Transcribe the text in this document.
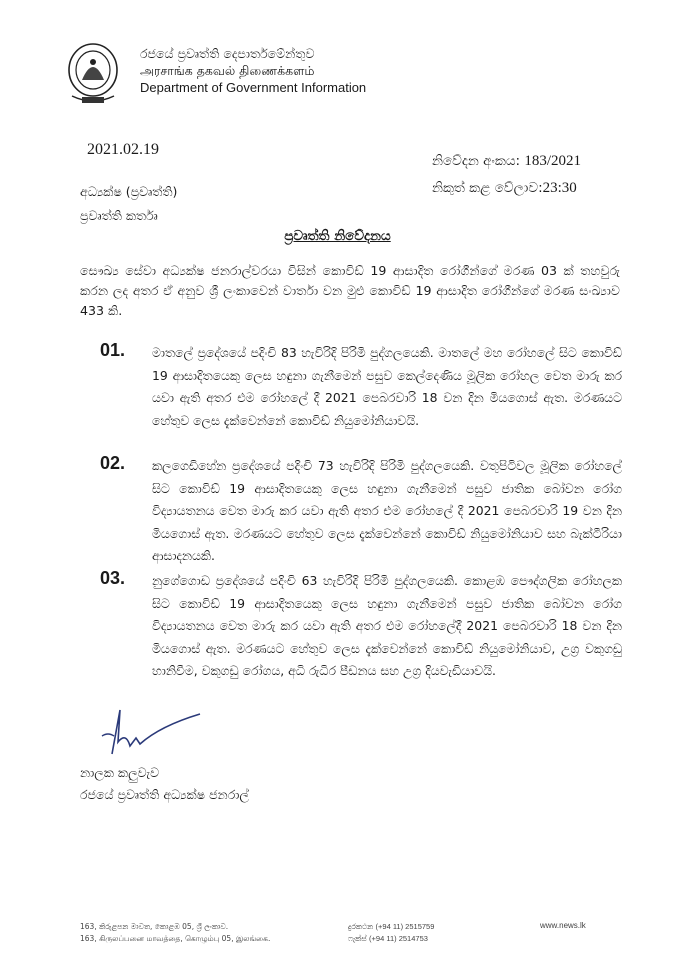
රජයේ ප්‍රවෘත්ති දෙපාර්තමේන්තුව
அரசாங்க தகவல் திணைக்களம்
Department of Government Information
2021.02.19
නිවේදන අංකය: 183/2021
නිකුත් කළ වේලාව:23:30
අධ්‍යක්ෂ (ප්‍රවෘත්ති)
ප්‍රවෘත්ති කර්තෘ
ප්‍රවෘත්ති නිවේදනය
සෞඛ්‍ය සේවා අධ්‍යක්ෂ ජනරාල්වරයා විසින් කොවිඩ් 19 ආසාදිත රෝගීන්ගේ මරණ 03 ක් තහවුරු කරන ලද අතර ඒ අනුව ශ්‍රී ලංකාවෙන් වාර්තා වන මුළු කොවිඩ් 19 ආසාදිත රෝගීන්ගේ මරණ සංඛ්‍යාව 433 කි.
01. මාතලේ ප්‍රදේශයේ පදිංචි 83 හැවිරිදි පිරිමි පුද්ගලයෙකි. මාතලේ මහ රෝහලේ සිට කොවිඩ් 19 ආසාදිතයෙකු ලෙස හඳුනා ගැනීමෙන් පසුව කෙල්දෙණිය මූලික රෝහල වෙත මාරු කර යවා ඇති අතර එම රෝහලේ දී 2021 පෙබරවාරි 18 වන දින මියගොස් ඇත. මරණයට හේතුව ලෙස දැක්වෙන්නේ කොවිඩ් නියුමෝනියාවයි.
02. කලගෙඩිහේන ප්‍රදේශයේ පදිංචි 73 හැවිරිදි පිරිමි පුද්ගලයෙකි. වතුපිටිවල මූලික රෝහලේ සිට කොවිඩ් 19 ආසාදිතයෙකු ලෙස හඳුනා ගැනීමෙන් පසුව ජාතික බෝවන රෝග විද්‍යායතනය වෙත මාරු කර යවා ඇති අතර එම රෝහලේ දී 2021 පෙබරවාරි 19 වන දින මියගොස් ඇත. මරණයට හේතුව ලෙස දැක්වෙන්නේ කොවිඩ් නියුමෝනියාව සහ බැක්ටීරියා ආසාදනයකි.
03. නුගේගොඩ ප්‍රදේශයේ පදිංචි 63 හැවිරිදි පිරිමි පුද්ගලයෙකි. කොළඹ පෞද්ගලික රෝහලක සිට කොවිඩ් 19 ආසාදිතයෙකු ලෙස හඳුනා ගැනීමෙන් පසුව ජාතික බෝවන රෝග විද්‍යායතනය වෙත මාරු කර යවා ඇති අතර එම රෝහලේදී 2021 පෙබරවාරි 18 වන දින මියගොස් ඇත. මරණයට හේතුව ලෙස දැක්වෙන්නේ කොවිඩ් නියුමෝනියාව, උග්‍ර වකුගඩු හානිවීම, වකුගඩු රෝගය, අධි රුධිර පීඩනය සහ උග්‍ර දියවැඩියාවයි.
නාලක කලුවැව
රජයේ ප්‍රවෘත්ති අධ්‍යක්ෂ ජනරාල්
163, කිරුළපන මාවත, කොළඹ 05, ශ්‍රී ලංකාව.
163, கிருலப்பனை மாவத்தை, கொழும்பு 05, இலங்கை.
දුරකථන (+94 11) 2515759
ෆැක්ස් (+94 11) 2514753
www.news.lk
